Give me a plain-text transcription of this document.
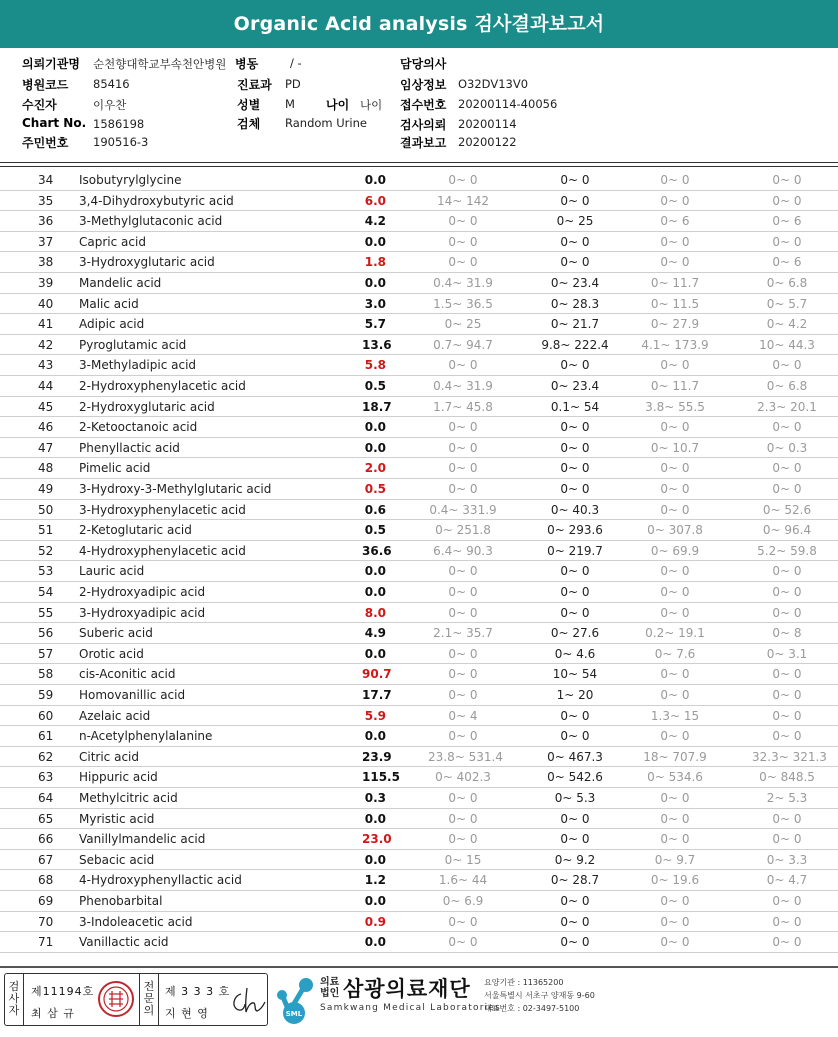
Organic Acid analysis 검사결과보고서
의뢰기관명 순천향대학교부속천안병원 병동	/ -	담당의사
병원코드 85416	진료과 PD	임상정보 O32DV13V0
수진자	이우찬	성별 M	나이 나이 접수번호 20200114-40056
Chart No. 1586198	검체 Random Urine	검사의뢰 20200114
주민번호 190516-3	결과보고 20200122
34 Isobutyrylglycine	0.0	0~ 0	0~ 0	0~ 0	0~ 0
35 3,4-Dihydroxybutyric acid	6.0	14~ 142	0~ 0	0~ 0	0~ 0
36 3-Methylglutaconic acid	4.2	0~ 0	0~ 25	0~ 6	0~ 6
37 Capric acid	0.0	0~ 0	0~ 0	0~ 0	0~ 0
38 3-Hydroxyglutaric acid	1.8	0~ 0	0~ 0	0~ 0	0~ 6
39 Mandelic acid	0.0	0.4~ 31.9	0~ 23.4	0~ 11.7	0~ 6.8
40 Malic acid	3.0	1.5~ 36.5	0~ 28.3	0~ 11.5	0~ 5.7
41 Adipic acid	5.7	0~ 25	0~ 21.7	0~ 27.9	0~ 4.2
42 Pyroglutamic acid	13.6	0.7~ 94.7	9.8~ 222.4	4.1~ 173.9	10~ 44.3
43 3-Methyladipic acid	5.8	0~ 0	0~ 0	0~ 0	0~ 0
44 2-Hydroxyphenylacetic acid	0.5	0.4~ 31.9	0~ 23.4	0~ 11.7	0~ 6.8
45 2-Hydroxyglutaric acid	18.7	1.7~ 45.8	0.1~ 54	3.8~ 55.5	2.3~ 20.1
46 2-Ketooctanoic acid	0.0	0~ 0	0~ 0	0~ 0	0~ 0
47 Phenyllactic acid	0.0	0~ 0	0~ 0	0~ 10.7	0~ 0.3
48 Pimelic acid	2.0	0~ 0	0~ 0	0~ 0	0~ 0
49 3-Hydroxy-3-Methylglutaric acid	0.5	0~ 0	0~ 0	0~ 0	0~ 0
50 3-Hydroxyphenylacetic acid	0.6	0.4~ 331.9	0~ 40.3	0~ 0	0~ 52.6
51 2-Ketoglutaric acid	0.5	0~ 251.8	0~ 293.6	0~ 307.8	0~ 96.4
52 4-Hydroxyphenylacetic acid	36.6	6.4~ 90.3	0~ 219.7	0~ 69.9	5.2~ 59.8
53 Lauric acid	0.0	0~ 0	0~ 0	0~ 0	0~ 0
54 2-Hydroxyadipic acid	0.0	0~ 0	0~ 0	0~ 0	0~ 0
55 3-Hydroxyadipic acid	8.0	0~ 0	0~ 0	0~ 0	0~ 0
56 Suberic acid	4.9	2.1~ 35.7	0~ 27.6	0.2~ 19.1	0~ 8
57 Orotic acid	0.0	0~ 0	0~ 4.6	0~ 7.6	0~ 3.1
58 cis-Aconitic acid	90.7	0~ 0	10~ 54	0~ 0	0~ 0
59 Homovanillic acid	17.7	0~ 0	1~ 20	0~ 0	0~ 0
60 Azelaic acid	5.9	0~ 4	0~ 0	1.3~ 15	0~ 0
61 n-Acetylphenylalanine	0.0	0~ 0	0~ 0	0~ 0	0~ 0
62 Citric acid	23.9	23.8~ 531.4	0~ 467.3	18~ 707.9	32.3~ 321.3
63 Hippuric acid	115.5	0~ 402.3	0~ 542.6	0~ 534.6	0~ 848.5
64 Methylcitric acid	0.3	0~ 0	0~ 5.3	0~ 0	2~ 5.3
65 Myristic acid	0.0	0~ 0	0~ 0	0~ 0	0~ 0
66 Vanillylmandelic acid	23.0	0~ 0	0~ 0	0~ 0	0~ 0
67 Sebacic acid	0.0	0~ 15	0~ 9.2	0~ 9.7	0~ 3.3
68 4-Hydroxyphenyllactic acid	1.2	1.6~ 44	0~ 28.7	0~ 19.6	0~ 4.7
69 Phenobarbital	0.0	0~ 6.9	0~ 0	0~ 0	0~ 0
70 3-Indoleacetic acid	0.9	0~ 0	0~ 0	0~ 0	0~ 0
71 Vanillactic acid	0.0	0~ 0	0~ 0	0~ 0	0~ 0
검사자
제11194호
최 삼 규
전문의
제 3 3 3 호
지 현 영	SML
의료법인 삼광의료재단
Samkwang Medical Laboratories
요양기관 : 11365200
서울특별시 서초구 양재동 9-60
대표번호 : 02-3497-5100
